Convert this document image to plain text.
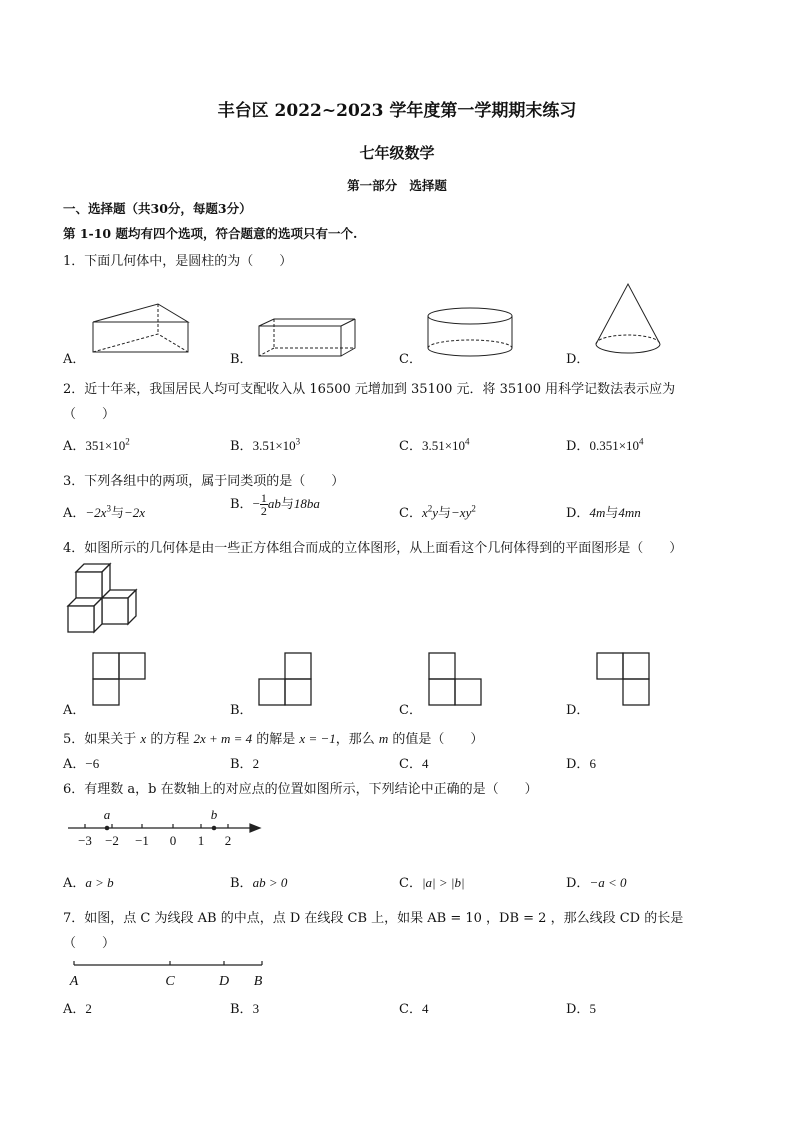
丰台区 2022~2023 学年度第一学期期末练习
七年级数学
第一部分 选择题
一、选择题（共30分，每题3分）
第 1-10 题均有四个选项，符合题意的选项只有一个.
1．下面几何体中，是圆柱的为（　　）
A．	B．	C．	D．
2．近十年来，我国居民人均可支配收入从 16500 元增加到 35100 元．将 35100 用科学记数法表示应为
（　　）
A．$351\times 10^2$	B．$3.51\times 10^3$	C．$3.51\times 10^4$	D．$0.351\times 10^4$
3．下列各组中的两项，属于同类项的是（　　）
A．$-2x^3$与−2x
B．− $\frac{1}{2}$ ab与18ba
C．$x^2y$与$-xy^2$	D．4m与4mn
4．如图所示的几何体是由一些正方体组合而成的立体图形，从上面看这个几何体得到的平面图形是（　　）
A．	B．	C．	D．
5．如果关于 x 的方程 2x + m = 4 的解是 x = −1，那么 m 的值是（　　）
A．−6	B．2	C．4	D．6
6．有理数 a，b 在数轴上的对应点的位置如图所示，下列结论中正确的是（　　）
a	b
−3 −2 −1 0 1 2
A．a > b	B．ab > 0	C．|a| > |b|	D．−a < 0
7．如图，点 C 为线段 AB 的中点，点 D 在线段 CB 上，如果 AB = 10 ，DB = 2 ，那么线段 CD 的长是
（　　）
A	C	D B
A．2	B．3	C．4	D．5
